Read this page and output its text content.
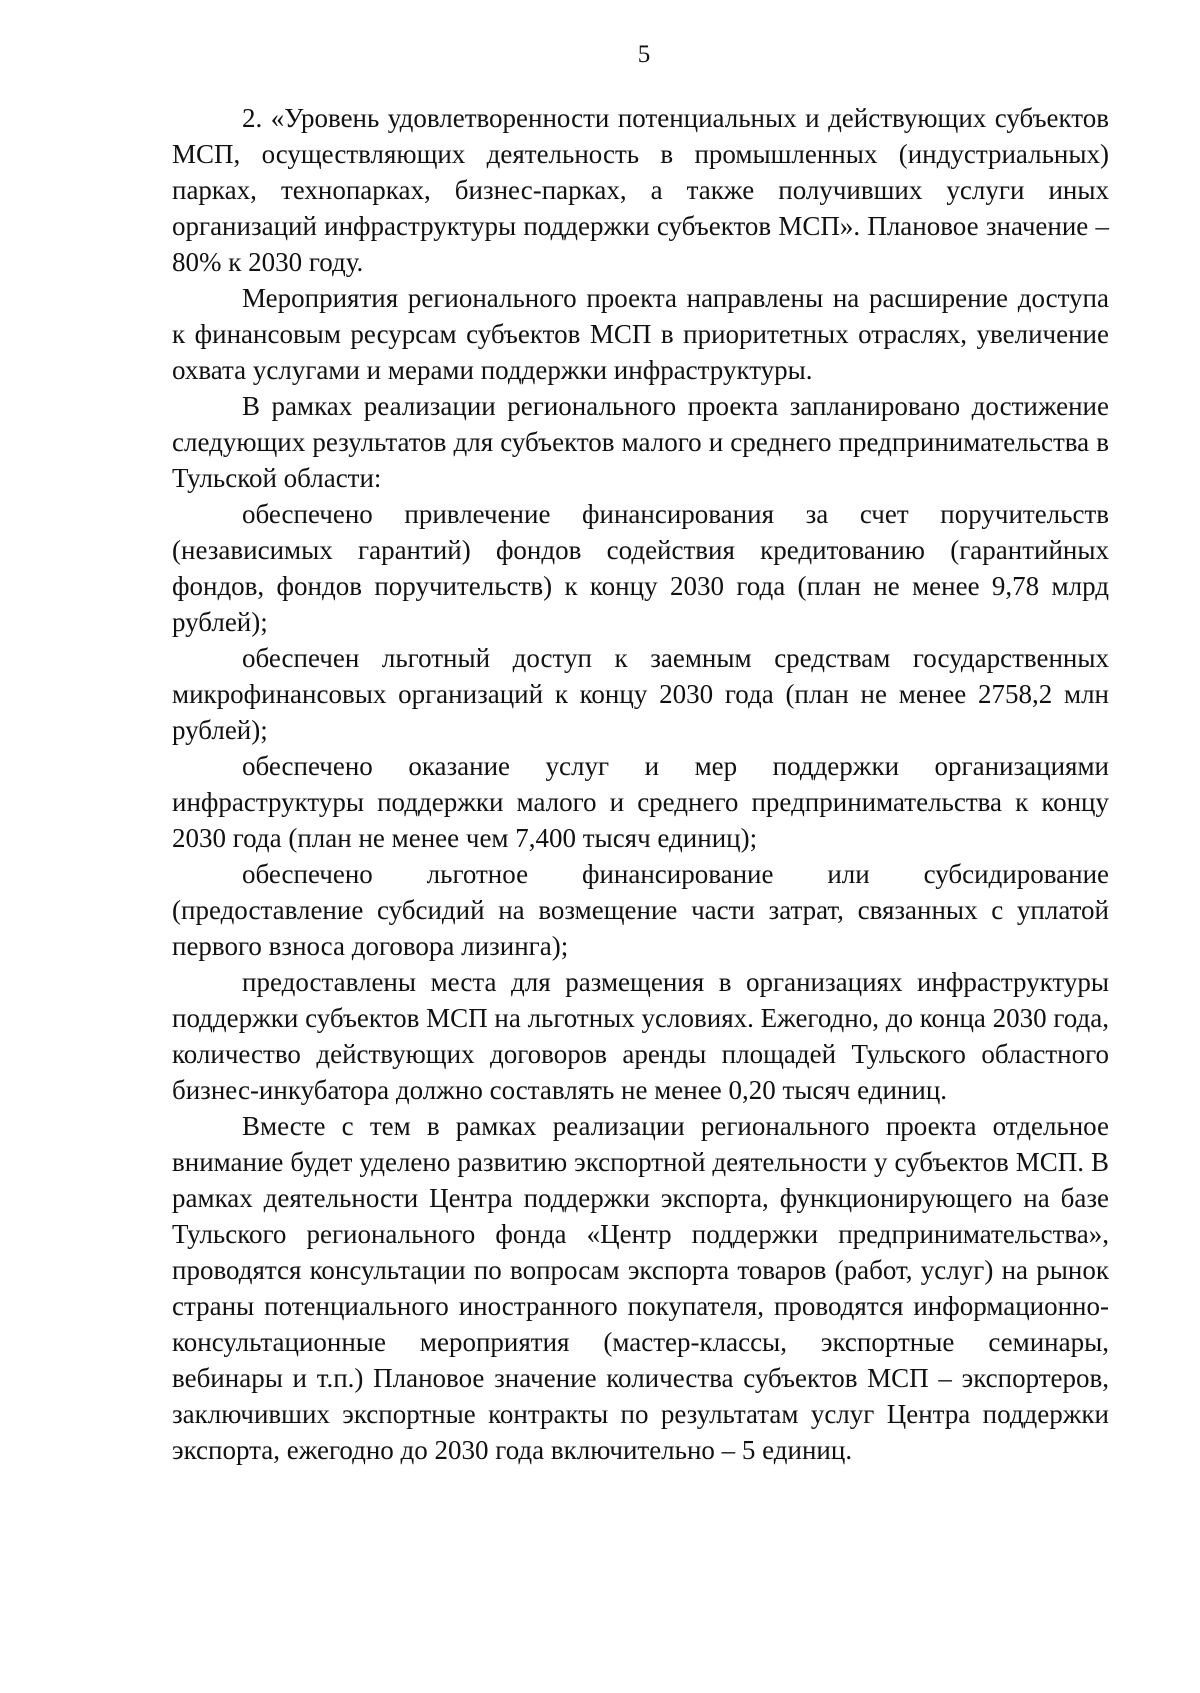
5

2. «Уровень удовлетворенности потенциальных и действующих субъектов МСП, осуществляющих деятельность в промышленных (индустриальных) парках, технопарках, бизнес-парках, а также получивших услуги иных организаций инфраструктуры поддержки субъектов МСП». Плановое значение – 80% к 2030 году.

Мероприятия регионального проекта направлены на расширение доступа к финансовым ресурсам субъектов МСП в приоритетных отраслях, увеличение охвата услугами и мерами поддержки инфраструктуры.

В рамках реализации регионального проекта запланировано достижение следующих результатов для субъектов малого и среднего предпринимательства в Тульской области:

обеспечено привлечение финансирования за счет поручительств (независимых гарантий) фондов содействия кредитованию (гарантийных фондов, фондов поручительств) к концу 2030 года (план не менее 9,78 млрд рублей);

обеспечен льготный доступ к заемным средствам государственных микрофинансовых организаций к концу 2030 года (план не менее 2758,2 млн рублей);

обеспечено оказание услуг и мер поддержки организациями инфраструктуры поддержки малого и среднего предпринимательства к концу 2030 года (план не менее чем 7,400 тысяч единиц);

обеспечено льготное финансирование или субсидирование (предоставление субсидий на возмещение части затрат, связанных с уплатой первого взноса договора лизинга);

предоставлены места для размещения в организациях инфраструктуры поддержки субъектов МСП на льготных условиях. Ежегодно, до конца 2030 года, количество действующих договоров аренды площадей Тульского областного бизнес-инкубатора должно составлять не менее 0,20 тысяч единиц.

Вместе с тем в рамках реализации регионального проекта отдельное внимание будет уделено развитию экспортной деятельности у субъектов МСП. В рамках деятельности Центра поддержки экспорта, функционирующего на базе Тульского регионального фонда «Центр поддержки предпринимательства», проводятся консультации по вопросам экспорта товаров (работ, услуг) на рынок страны потенциального иностранного покупателя, проводятся информационно-консультационные мероприятия (мастер-классы, экспортные семинары, вебинары и т.п.) Плановое значение количества субъектов МСП – экспортеров, заключивших экспортные контракты по результатам услуг Центра поддержки экспорта, ежегодно до 2030 года включительно – 5 единиц.
